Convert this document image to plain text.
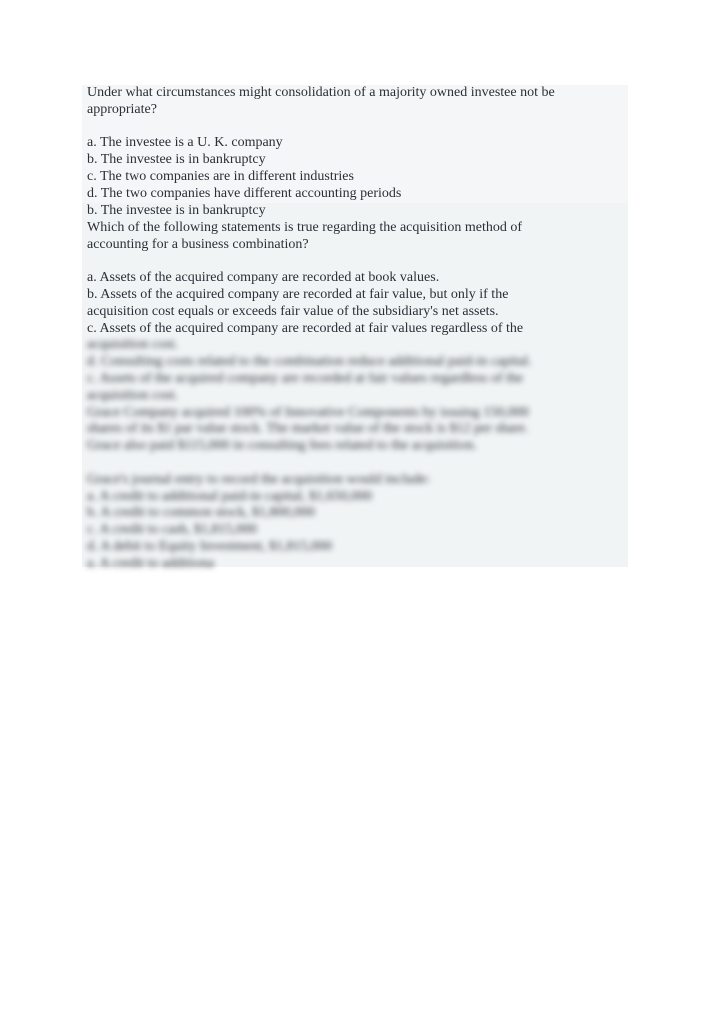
Under what circumstances might consolidation of a majority owned investee not be
appropriate?
a. The investee is a U. K. company
b. The investee is in bankruptcy
c. The two companies are in different industries
d. The two companies have different accounting periods
b. The investee is in bankruptcy
Which of the following statements is true regarding the acquisition method of
accounting for a business combination?
a. Assets of the acquired company are recorded at book values.
b. Assets of the acquired company are recorded at fair value, but only if the
acquisition cost equals or exceeds fair value of the subsidiary's net assets.
c. Assets of the acquired company are recorded at fair values regardless of the
acquisition cost.
d. Consulting costs related to the combination reduce additional paid-in capital.
c. Assets of the acquired company are recorded at fair values regardless of the
acquisition cost.
Grace Company acquired 100% of Innovative Components by issuing 150,000
shares of its $1 par value stock. The market value of the stock is $12 per share.
Grace also paid $115,000 in consulting fees related to the acquisition.
Grace's journal entry to record the acquisition would include:
a. A credit to additional paid-in capital, $1,650,000
b. A credit to common stock, $1,800,000
c. A credit to cash, $1,815,000
d. A debit to Equity Investment, $1,815,000
a. A credit to additiona
